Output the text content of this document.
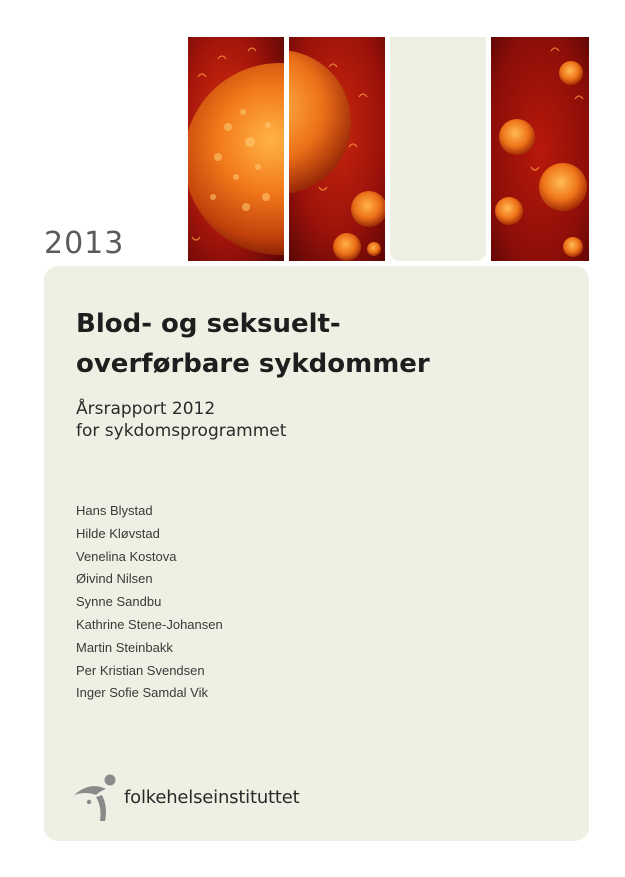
2013
Blod- og seksuelt-
overførbare sykdommer
Årsrapport 2012
for sykdomsprogrammet
Hans Blystad
Hilde Kløvstad
Venelina Kostova
Øivind Nilsen
Synne Sandbu
Kathrine Stene-Johansen
Martin Steinbakk
Per Kristian Svendsen
Inger Sofie Samdal Vik
folkehelseinstituttet
